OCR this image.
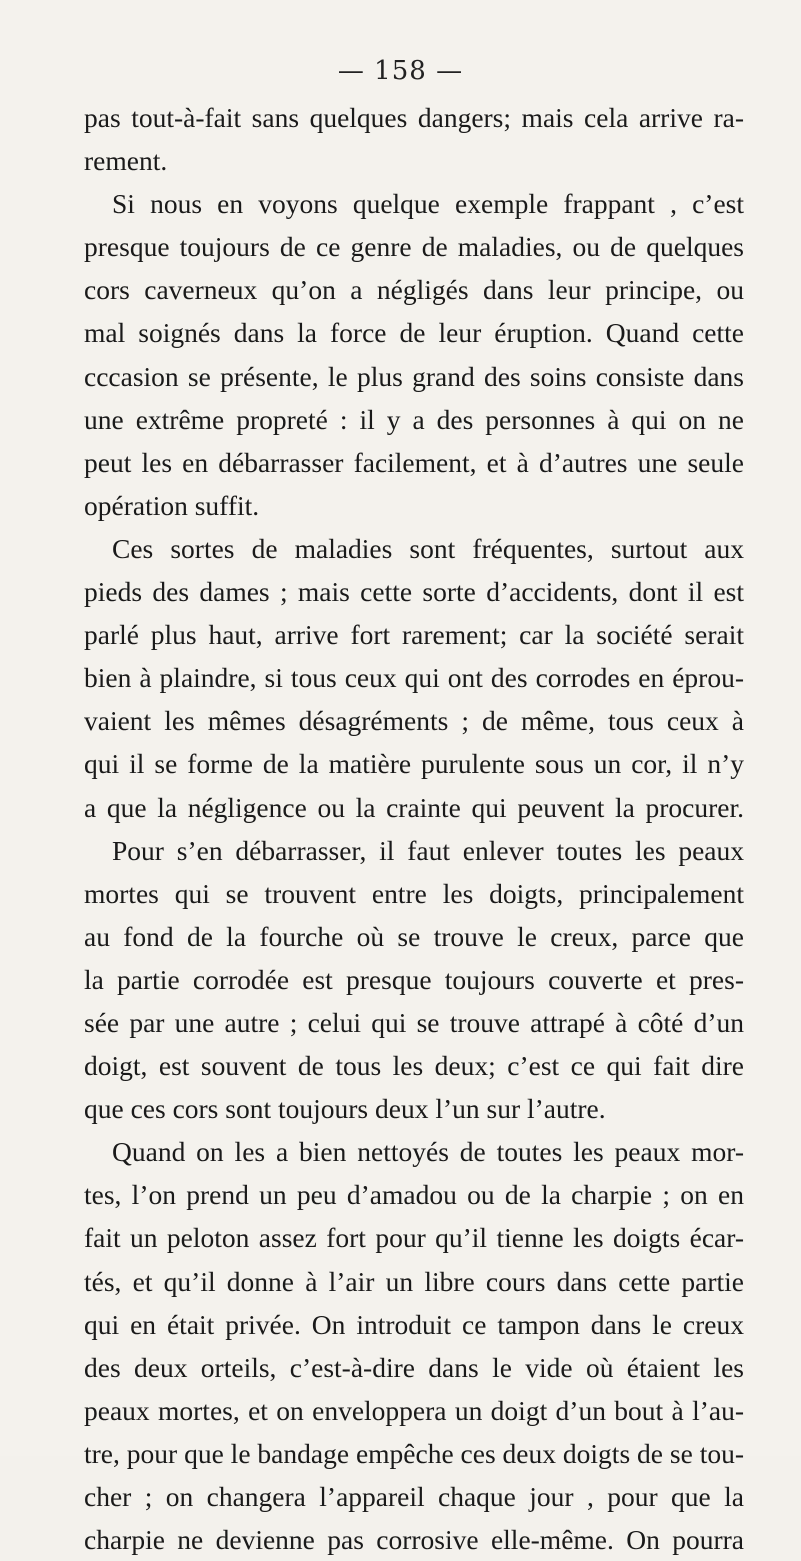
— 158 —
pas tout-à-fait sans quelques dangers; mais cela arrive ra-
rement.
Si nous en voyons quelque exemple frappant , c’est
presque toujours de ce genre de maladies, ou de quelques
cors caverneux qu’on a négligés dans leur principe, ou
mal soignés dans la force de leur éruption. Quand cette
cccasion se présente, le plus grand des soins consiste dans
une extrême propreté : il y a des personnes à qui on ne
peut les en débarrasser facilement, et à d’autres une seule
opération suffit.
Ces sortes de maladies sont fréquentes, surtout aux
pieds des dames ; mais cette sorte d’accidents, dont il est
parlé plus haut, arrive fort rarement; car la société serait
bien à plaindre, si tous ceux qui ont des corrodes en éprou-
vaient les mêmes désagréments ; de même, tous ceux à
qui il se forme de la matière purulente sous un cor, il n’y
a que la négligence ou la crainte qui peuvent la procurer.
Pour s’en débarrasser, il faut enlever toutes les peaux
mortes qui se trouvent entre les doigts, principalement
au fond de la fourche où se trouve le creux, parce que
la partie corrodée est presque toujours couverte et pres-
sée par une autre ; celui qui se trouve attrapé à côté d’un
doigt, est souvent de tous les deux; c’est ce qui fait dire
que ces cors sont toujours deux l’un sur l’autre.
Quand on les a bien nettoyés de toutes les peaux mor-
tes, l’on prend un peu d’amadou ou de la charpie ; on en
fait un peloton assez fort pour qu’il tienne les doigts écar-
tés, et qu’il donne à l’air un libre cours dans cette partie
qui en était privée. On introduit ce tampon dans le creux
des deux orteils, c’est-à-dire dans le vide où étaient les
peaux mortes, et on enveloppera un doigt d’un bout à l’au-
tre, pour que le bandage empêche ces deux doigts de se tou-
cher ; on changera l’appareil chaque jour , pour que la
charpie ne devienne pas corrosive elle-même. On pourra
